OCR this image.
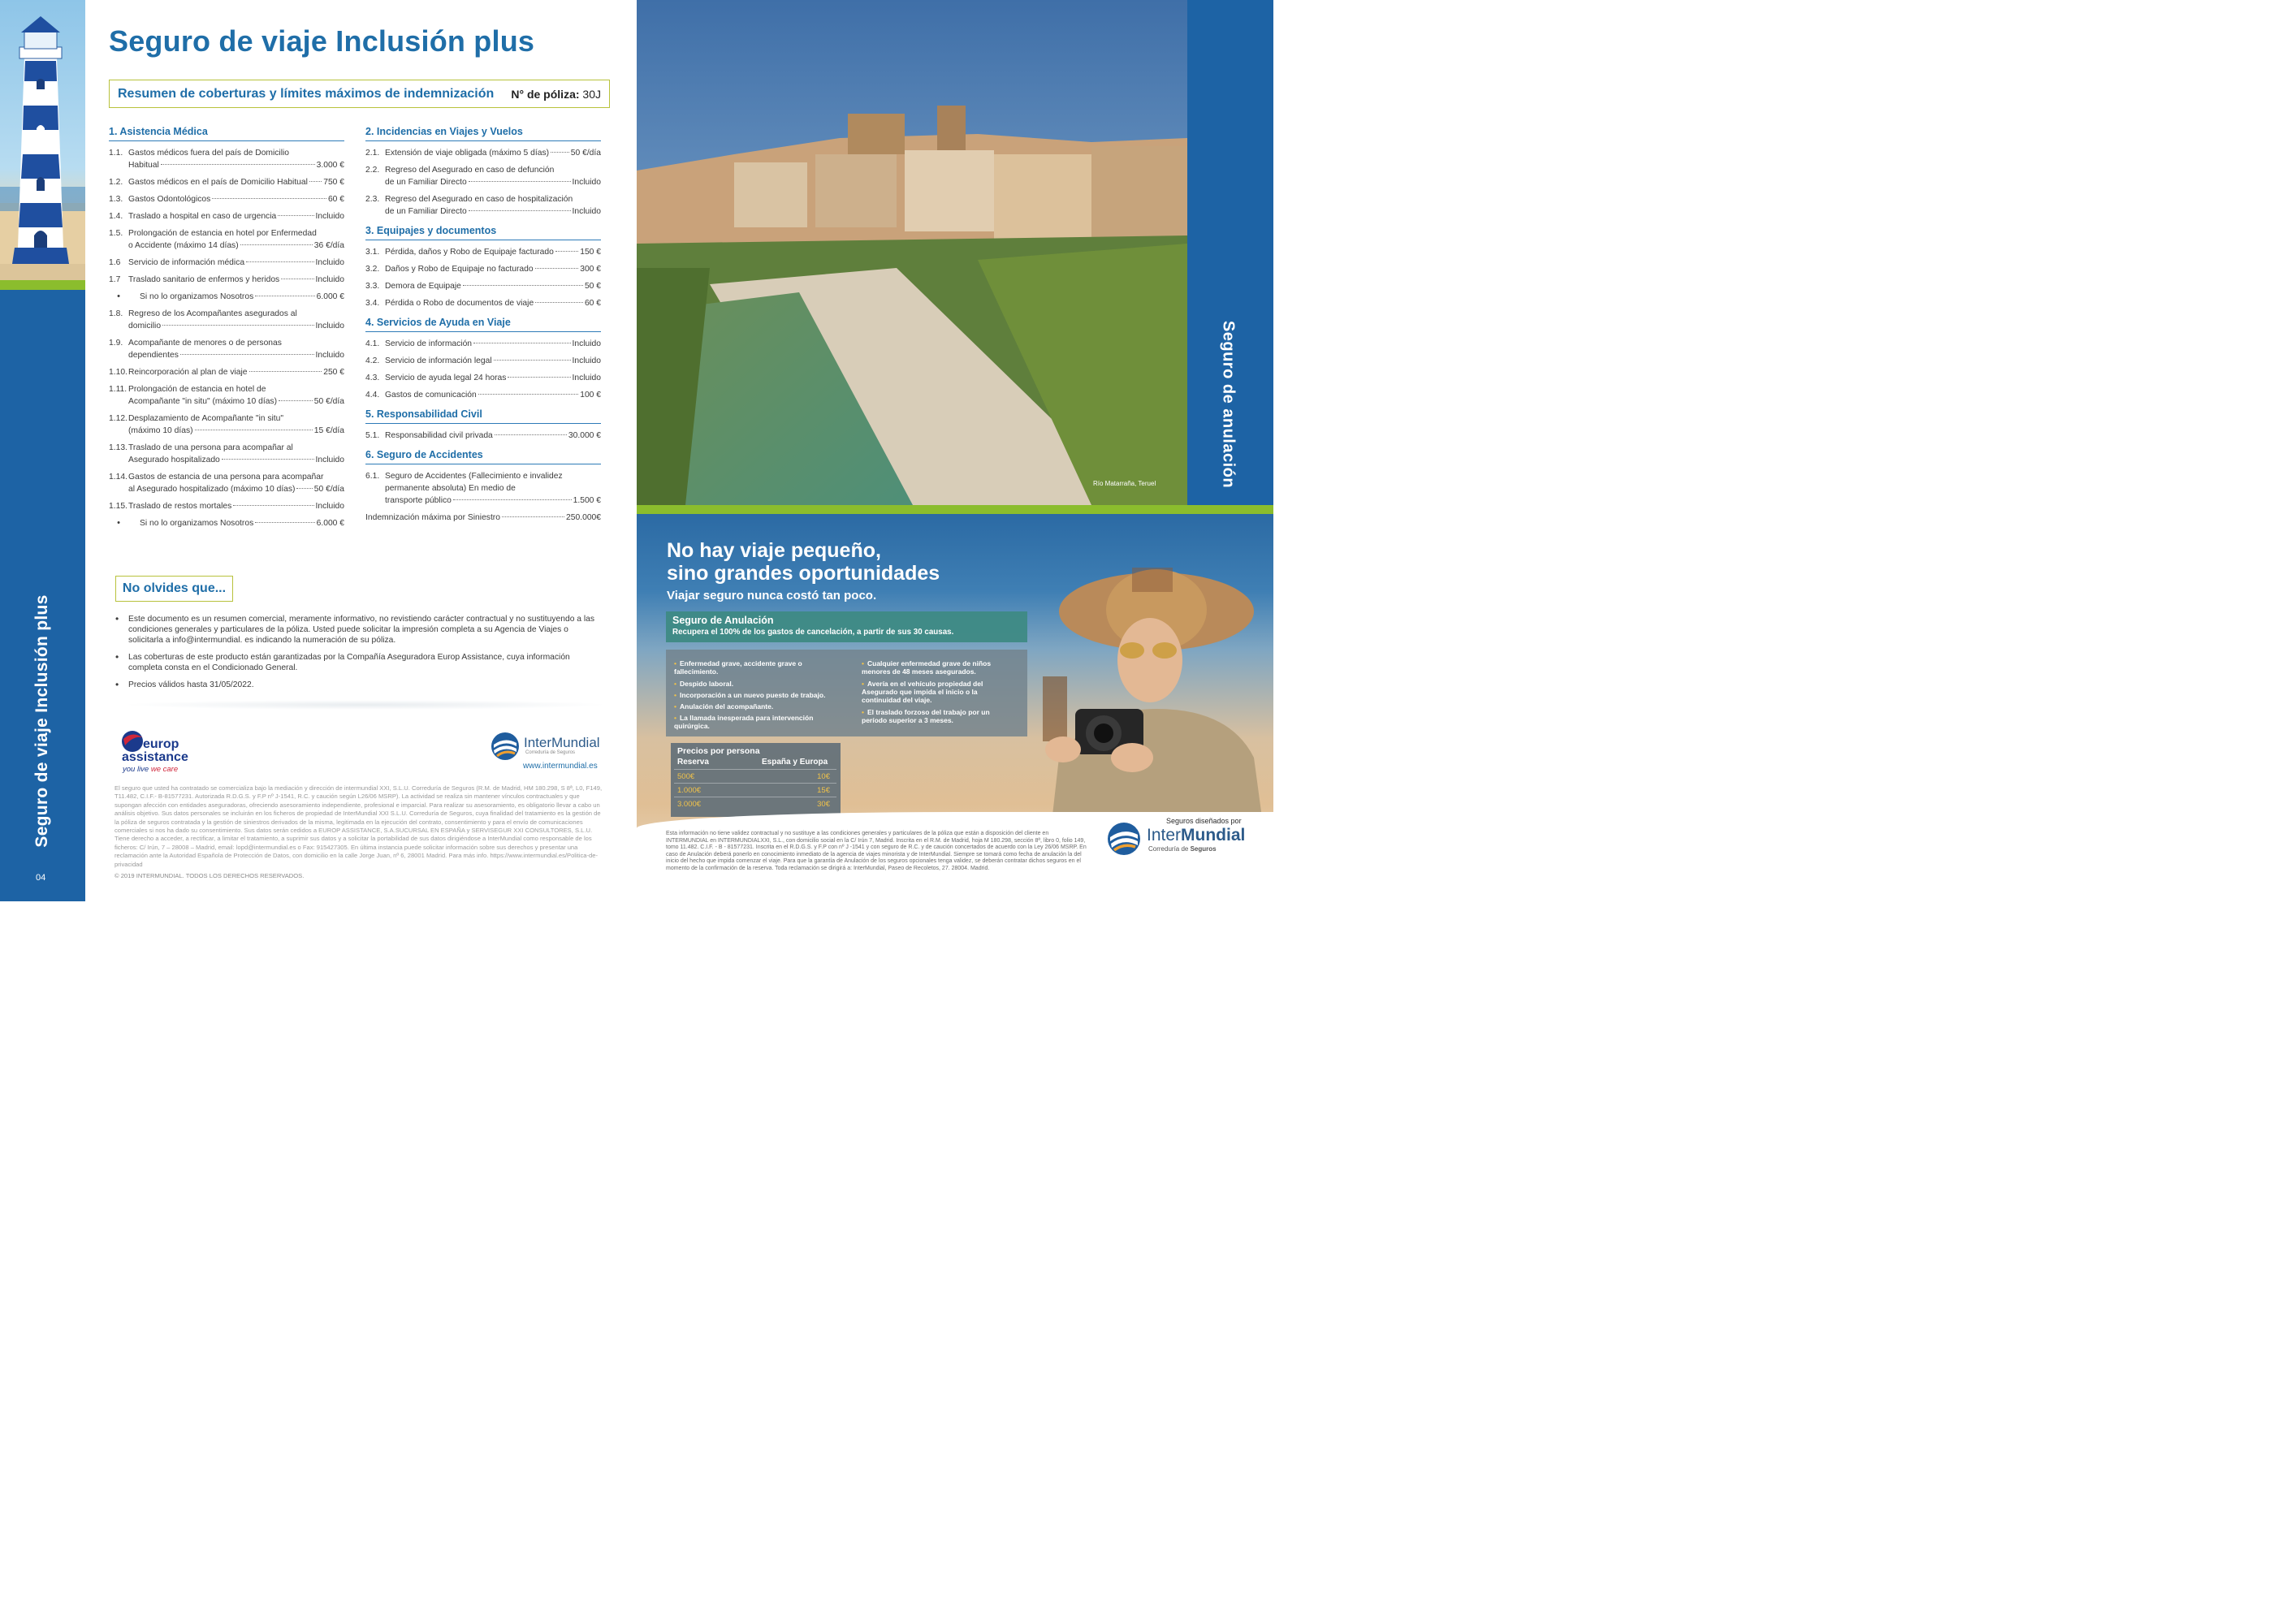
Seguro de viaje Inclusión plus
04
Seguro de viaje Inclusión plus
Resumen de coberturas y límites máximos de indemnización N° de póliza: 30J
1. Asistencia Médica
1.1. Gastos médicos fuera del país de Domicilio
Habitual	3.000 €
1.2. Gastos médicos en el país de Domicilio Habitual 750 €
1.3. Gastos Odontológicos	60 €
1.4. Traslado a hospital en caso de urgencia	Incluido
1.5. Prolongación de estancia en hotel por Enfermedad
o Accidente (máximo 14 días)	36 €/día
1.6 Servicio de información médica	Incluido
1.7 Traslado sanitario de enfermos y heridos	Incluido
•	Si no lo organizamos Nosotros	6.000 €
1.8. Regreso de los Acompañantes asegurados al
domicilio	Incluido
1.9. Acompañante de menores o de personas
dependientes	Incluido
1.10. Reincorporación al plan de viaje	250 €
1.11. Prolongación de estancia en hotel de
Acompañante "in situ" (máximo 10 días)	50 €/día
1.12. Desplazamiento de Acompañante "in situ"
(máximo 10 días)	15 €/día
1.13. Traslado de una persona para acompañar al
Asegurado hospitalizado	Incluido
1.14. Gastos de estancia de una persona para acompañar
al Asegurado hospitalizado (máximo 10 días) 50 €/día
1.15. Traslado de restos mortales	Incluido
•	Si no lo organizamos Nosotros	6.000 €
2. Incidencias en Viajes y Vuelos
2.1. Extensión de viaje obligada (máximo 5 días)	50 €/día
2.2. Regreso del Asegurado en caso de defunción
de un Familiar Directo	Incluido
2.3. Regreso del Asegurado en caso de hospitalización
de un Familiar Directo	Incluido
3. Equipajes y documentos
3.1. Pérdida, daños y Robo de Equipaje facturado	150 €
3.2. Daños y Robo de Equipaje no facturado	300 €
3.3. Demora de Equipaje	50 €
3.4. Pérdida o Robo de documentos de viaje	60 €
4. Servicios de Ayuda en Viaje
4.1. Servicio de información	Incluido
4.2. Servicio de información legal	Incluido
4.3. Servicio de ayuda legal 24 horas	Incluido
4.4. Gastos de comunicación	100 €
5. Responsabilidad Civil
5.1. Responsabilidad civil privada	30.000 €
6. Seguro de Accidentes
6.1. Seguro de Accidentes (Fallecimiento e invalidez permanente absoluta) En medio de
transporte público	1.500 €
Indemnización máxima por Siniestro	250.000€
No olvides que...
•	Este documento es un resumen comercial, meramente informativo, no revistiendo carácter contractual y no sustituyendo a las condiciones generales y particulares de la póliza. Usted puede solicitar la impresión completa a su Agencia de Viajes o solicitarla a info@intermundial. es indicando la numeración de su póliza.
•	Las coberturas de este producto están garantizadas por la Compañía Aseguradora Europ Assistance, cuya información completa consta en el Condicionado General.
•	Precios válidos hasta 31/05/2022.
europ
assistance
you live we care
InterMundial
Correduría de Seguros
www.intermundial.es
El seguro que usted ha contratado se comercializa bajo la mediación y dirección de intermundial XXI, S.L.U. Correduría de Seguros (R.M. de Madrid, HM 180.298, S 8ª, L0, F149, T11.482, C.I.F.- B-81577231. Autorizada R.D.G.S. y F.P nº J-1541, R.C. y caución según L26/06 MSRP). La actividad se realiza sin mantener vínculos contractuales y que supongan afección con entidades aseguradoras, ofreciendo asesoramiento independiente, profesional e imparcial. Para realizar su asesoramiento, es obligatorio llevar a cabo un análisis objetivo. Sus datos personales se incluirán en los ficheros de propiedad de InterMundial XXI S.L.U. Correduría de Seguros, cuya finalidad del tratamiento es la gestión de la póliza de seguros contratada y la gestión de siniestros derivados de la misma, legitimada en la ejecución del contrato, consentimiento y para el envío de comunicaciones comerciales si nos ha dado su consentimiento. Sus datos serán cedidos a EUROP ASSISTANCE, S.A.SUCURSAL EN ESPAÑA y SERVISEGUR XXI CONSULTORES, S.L.U. Tiene derecho a acceder, a rectificar, a limitar el tratamiento, a suprimir sus datos y a solicitar la portabilidad de sus datos dirigiéndose a InterMundial como responsable de los ficheros: C/ Irún, 7 – 28008 – Madrid, email: lopd@intermundial.es o Fax: 915427305. En última instancia puede solicitar información sobre sus derechos y presentar una reclamación ante la Autoridad Española de Protección de Datos, con domicilio en la calle Jorge Juan, nº 6, 28001 Madrid. Para más info. https://www.intermundial.es/Politica-de-privacidad
© 2019 INTERMUNDIAL. TODOS LOS DERECHOS RESERVADOS.
Río Matarraña, Teruel	Seguro de anulación
No hay viaje pequeño,
sino grandes oportunidades
Viajar seguro nunca costó tan poco.
Seguro de Anulación
Recupera el 100% de los gastos de cancelación, a partir de sus 30 causas.
• Enfermedad grave, accidente grave o fallecimiento.
• Despido laboral.
• Incorporación a un nuevo puesto de trabajo.
• Anulación del acompañante.
• La llamada inesperada para intervención quirúrgica.
• Cualquier enfermedad grave de niños menores de 48 meses asegurados.
• Avería en el vehículo propiedad del Asegurado que impida el inicio o la continuidad del viaje.
• El traslado forzoso del trabajo por un período superior a 3 meses.
Precios por persona
Reserva	España y Europa
500€	10€
1.000€	15€
3.000€	30€
Esta información no tiene validez contractual y no sustituye a las condiciones generales y particulares de la póliza que están a disposición del cliente en INTERMUNDIAL en INTERMUNDIALXXI, S.L., con domicilio social en la C/ Irún 7, Madrid. Inscrita en el R.M. de Madrid, hoja M 180.298, sección 8ª, libro 0, folio 149, tomo 11.482. C.I.F. - B - 81577231. Inscrita en el R.D.G.S. y F.P con nº J -1541 y con seguro de R.C. y de caución concertados de acuerdo con la Ley 26/06 MSRP. En caso de Anulación deberá ponerlo en conocimiento inmediato de la agencia de viajes minorista y de InterMundial. Siempre se tomará como fecha de anulación la del inicio del hecho que impida comenzar el viaje. Para que la garantía de Anulación de los seguros opcionales tenga validez, se deberán contratar dichos seguros en el momento de la confirmación de la reserva. Toda reclamación se dirigirá a: InterMundial, Paseo de Recoletos, 27. 28004. Madrid.
Seguros diseñados por
InterMundial
Correduría de Seguros
